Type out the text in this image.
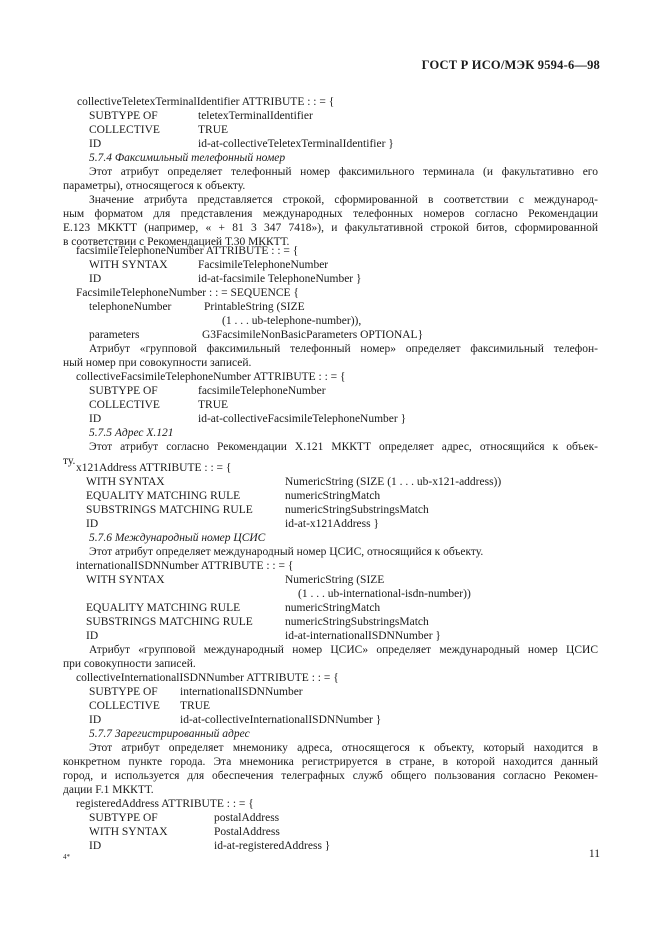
ГОСТ Р ИСО/МЭК 9594-6—98
collectiveTeletexTerminalIdentifier ATTRIBUTE : : = {
SUBTYPE OF	teletexTerminalIdentifier
COLLECTIVE	TRUE
ID	id-at-collectiveTeletexTerminalIdentifier }
5.7.4 Факсимильный телефонный номер
Этот атрибут определяет телефонный номер факсимильного терминала (и факультативно его
параметры), относящегося к объекту.
Значение атрибута представляется строкой, сформированной в соответствии с международ-
ным форматом для представления международных телефонных номеров согласно Рекомендации
E.123 МККТТ (например, « + 81 3 347 7418»), и факультативной строкой битов, сформированной
в соответствии с Рекомендацией Т.30 МККТТ.
facsimileTelephoneNumber ATTRIBUTE : : = {
WITH SYNTAX	FacsimileTelephoneNumber
ID	id-at-facsimile TelephoneNumber }
FacsimileTelephoneNumber : : = SEQUENCE {
telephoneNumber	PrintableString (SIZE
(1 . . . ub-telephone-number)),
parameters	G3FacsimileNonBasicParameters OPTIONAL}
Атрибут «групповой факсимильный телефонный номер» определяет факсимильный телефон-
ный номер при совокупности записей.
collectiveFacsimileTelephoneNumber ATTRIBUTE : : = {
SUBTYPE OF	facsimileTelephoneNumber
COLLECTIVE	TRUE
ID	id-at-collectiveFacsimileTelephoneNumber }
5.7.5 Адрес X.121
Этот атрибут согласно Рекомендации X.121 МККТТ определяет адрес, относящийся к объек-
ту.
x121Address ATTRIBUTE : : = {
WITH SYNTAX	NumericString (SIZE (1 . . . ub-x121-address))
EQUALITY MATCHING RULE	numericStringMatch
SUBSTRINGS MATCHING RULE	numericStringSubstringsMatch
ID	id-at-x121Address }
5.7.6 Международный номер ЦСИС
Этот атрибут определяет международный номер ЦСИС, относящийся к объекту.
internationalISDNNumber ATTRIBUTE : : = {
WITH SYNTAX	NumericString (SIZE
(1 . . . ub-international-isdn-number))
EQUALITY MATCHING RULE	numericStringMatch
SUBSTRINGS MATCHING RULE	numericStringSubstringsMatch
ID	id-at-internationalISDNNumber }
Атрибут «групповой международный номер ЦСИС» определяет международный номер ЦСИС
при совокупности записей.
collectiveInternationalISDNNumber ATTRIBUTE : : = {
SUBTYPE OF internationalISDNNumber
COLLECTIVE TRUE
ID	id-at-collectiveInternationalISDNNumber }
5.7.7 Зарегистрированный адрес
Этот атрибут определяет мнемонику адреса, относящегося к объекту, который находится в
конкретном пункте города. Эта мнемоника регистрируется в стране, в которой находится данный
город, и используется для обеспечения телеграфных служб общего пользования согласно Рекомен-
дации F.1 МККТТ.
registeredAddress ATTRIBUTE : : = {
SUBTYPE OF	postalAddress
WITH SYNTAX	PostalAddress
ID	id-at-registeredAddress }
4*	11
